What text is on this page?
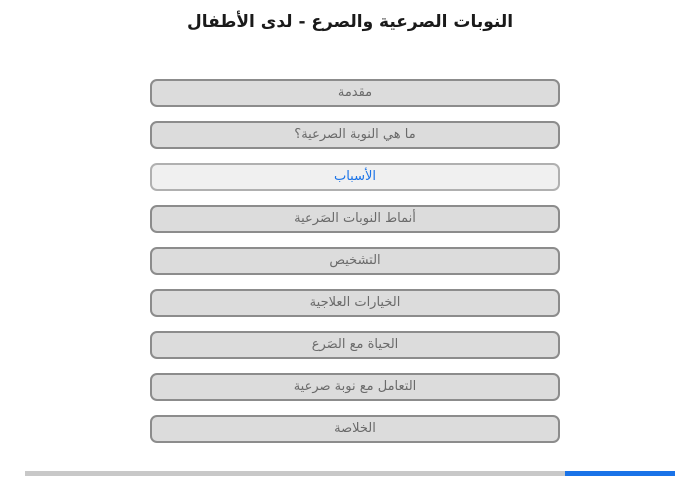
النوبات الصرعية والصرع - لدى الأطفال
مقدمة
ما هي النوبة الصرعية؟
الأسباب
أنماط النوبات الصَرعية
التشخيص
الخيارات العلاجية
الحياة مع الصَرع
التعامل مع نوبة صرعية
الخلاصة
